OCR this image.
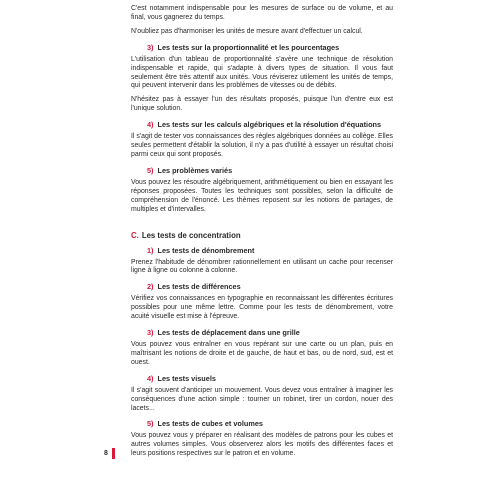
C'est notamment indispensable pour les mesures de surface ou de volume, et au final, vous gagnerez du temps.

N'oubliez pas d'harmoniser les unités de mesure avant d'effectuer un calcul.

3) Les tests sur la proportionnalité et les pourcentages

L'utilisation d'un tableau de proportionnalité s'avère une technique de résolution indispensable et rapide, qui s'adapte à divers types de situation. Il vous faut seulement être très attentif aux unités. Vous réviserez utilement les unités de temps, qui peuvent intervenir dans les problèmes de vitesses ou de débits.

N'hésitez pas à essayer l'un des résultats proposés, puisque l'un d'entre eux est l'unique solution.

4) Les tests sur les calculs algébriques et la résolution d'équations

Il s'agit de tester vos connaissances des règles algébriques données au collège. Elles seules permettent d'établir la solution, il n'y a pas d'utilité à essayer un résultat choisi parmi ceux qui sont proposés.

5) Les problèmes variés

Vous pouvez les résoudre algébriquement, arithmétiquement ou bien en essayant les réponses proposées. Toutes les techniques sont possibles, selon la difficulté de compréhension de l'énoncé. Les thèmes reposent sur les notions de partages, de multiples et d'intervalles.

C. Les tests de concentration
1) Les tests de dénombrement

Prenez l'habitude de dénombrer rationnellement en utilisant un cache pour recenser ligne à ligne ou colonne à colonne.

2) Les tests de différences

Vérifiez vos connaissances en typographie en reconnaissant les différentes écritures possibles pour une même lettre. Comme pour les tests de dénombrement, votre acuité visuelle est mise à l'épreuve.

3) Les tests de déplacement dans une grille

Vous pouvez vous entraîner en vous repérant sur une carte ou un plan, puis en maîtrisant les notions de droite et de gauche, de haut et bas, ou de nord, sud, est et ouest.

4) Les tests visuels

Il s'agit souvent d'anticiper un mouvement. Vous devez vous entraîner à imaginer les conséquences d'une action simple : tourner un robinet, tirer un cordon, nouer des lacets...

5) Les tests de cubes et volumes

Vous pouvez vous y préparer en réalisant des modèles de patrons pour les cubes et autres volumes simples. Vous observerez alors les motifs des différentes faces et leurs positions respectives sur le patron et en volume.

8
